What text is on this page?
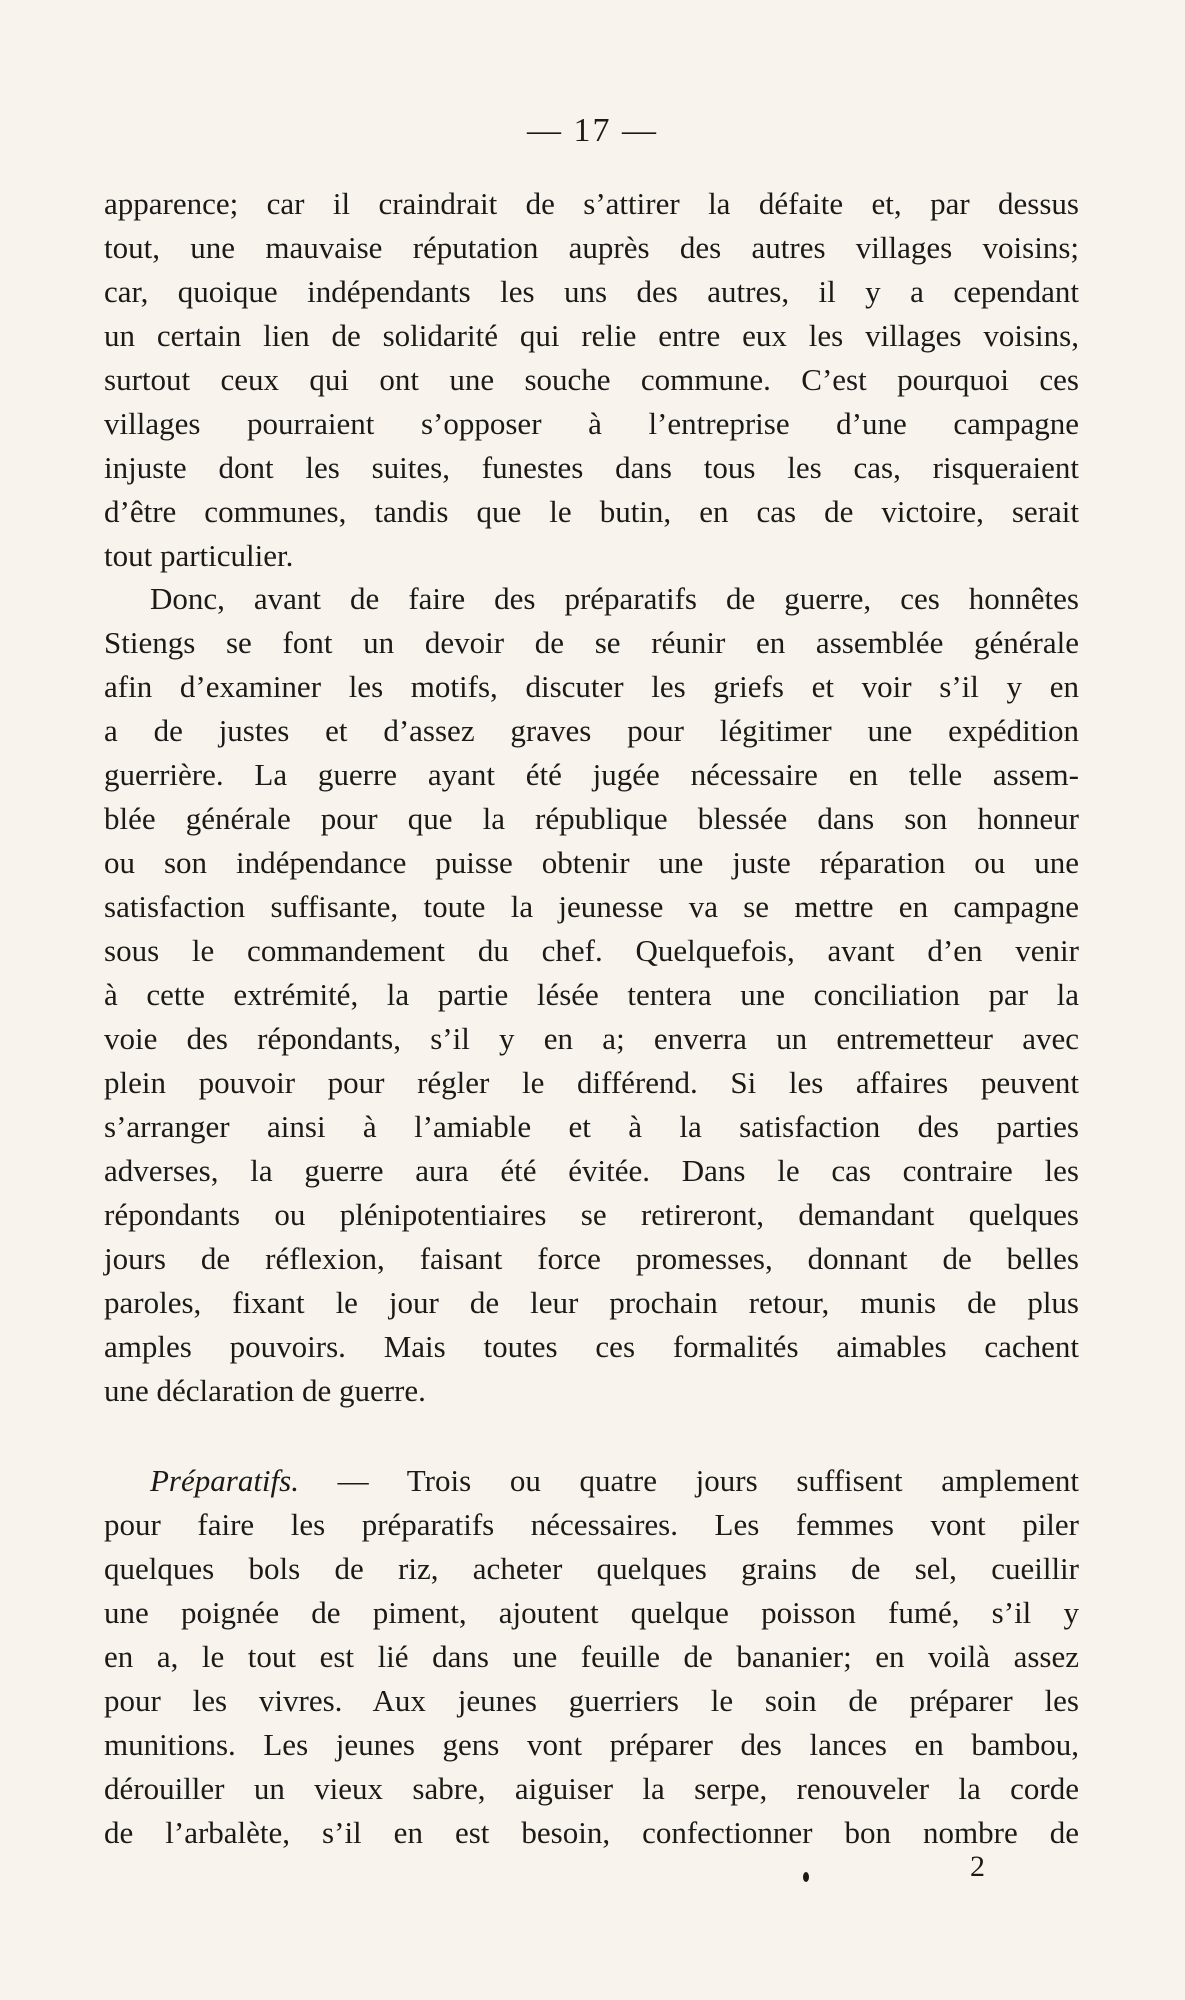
— 17 —
apparence; car il craindrait de s’attirer la défaite et, par dessus
tout, une mauvaise réputation auprès des autres villages voisins;
car, quoique indépendants les uns des autres, il y a cependant
un certain lien de solidarité qui relie entre eux les villages voisins,
surtout ceux qui ont une souche commune. C’est pourquoi ces
villages pourraient s’opposer à l’entreprise d’une campagne
injuste dont les suites, funestes dans tous les cas, risqueraient
d’être communes, tandis que le butin, en cas de victoire, serait
tout particulier.
Donc, avant de faire des préparatifs de guerre, ces honnêtes
Stiengs se font un devoir de se réunir en assemblée générale
afin d’examiner les motifs, discuter les griefs et voir s’il y en
a de justes et d’assez graves pour légitimer une expédition
guerrière. La guerre ayant été jugée nécessaire en telle assem-
blée générale pour que la république blessée dans son honneur
ou son indépendance puisse obtenir une juste réparation ou une
satisfaction suffisante, toute la jeunesse va se mettre en campagne
sous le commandement du chef. Quelquefois, avant d’en venir
à cette extrémité, la partie lésée tentera une conciliation par la
voie des répondants, s’il y en a; enverra un entremetteur avec
plein pouvoir pour régler le différend. Si les affaires peuvent
s’arranger ainsi à l’amiable et à la satisfaction des parties
adverses, la guerre aura été évitée. Dans le cas contraire les
répondants ou plénipotentiaires se retireront, demandant quelques
jours de réflexion, faisant force promesses, donnant de belles
paroles, fixant le jour de leur prochain retour, munis de plus
amples pouvoirs. Mais toutes ces formalités aimables cachent
une déclaration de guerre.
Préparatifs. — Trois ou quatre jours suffisent amplement
pour faire les préparatifs nécessaires. Les femmes vont piler
quelques bols de riz, acheter quelques grains de sel, cueillir
une poignée de piment, ajoutent quelque poisson fumé, s’il y
en a, le tout est lié dans une feuille de bananier; en voilà assez
pour les vivres. Aux jeunes guerriers le soin de préparer les
munitions. Les jeunes gens vont préparer des lances en bambou,
dérouiller un vieux sabre, aiguiser la serpe, renouveler la corde
de l’arbalète, s’il en est besoin, confectionner bon nombre de
2
